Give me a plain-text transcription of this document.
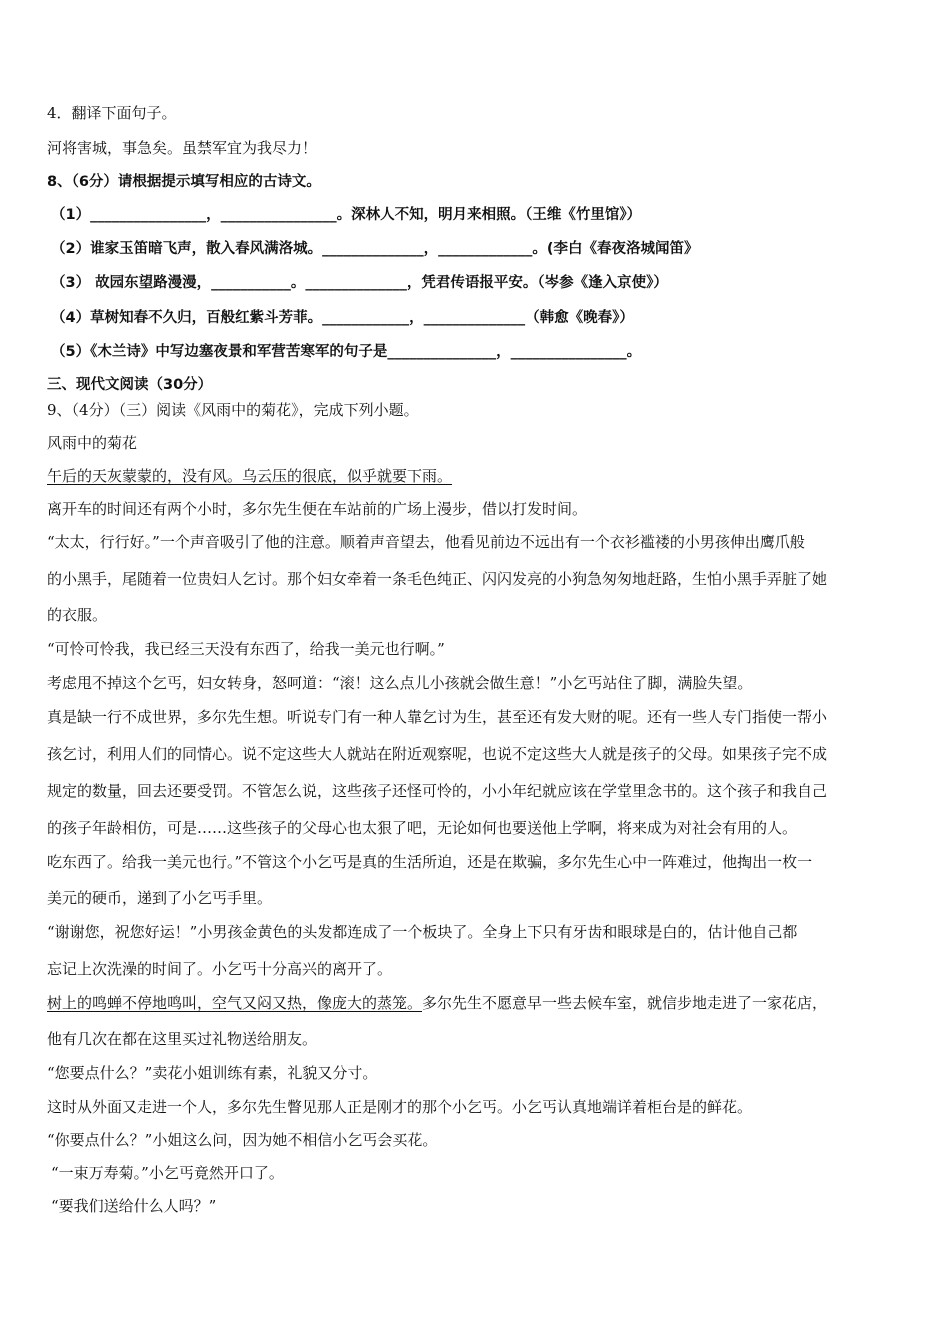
4．翻译下面句子。
河将害城，事急矣。虽禁军宜为我尽力！
8、（6分）请根据提示填写相应的古诗文。
（1）________________，________________。深林人不知，明月来相照。（王维《竹里馆》）
（2）谁家玉笛暗飞声，散入春风满洛城。______________，_____________。(李白《春夜洛城闻笛》
（3） 故园东望路漫漫，___________。______________，凭君传语报平安。（岑参《逢入京使》）
（4）草树知春不久归，百般红紫斗芳菲。____________，______________（韩愈《晚春》）
（5）《木兰诗》中写边塞夜景和军营苦寒军的句子是_______________，________________。
三、现代文阅读（30分）
9、（4分）（三）阅读《风雨中的菊花》，完成下列小题。
风雨中的菊花
午后的天灰蒙蒙的，没有风。乌云压的很底，似乎就要下雨。
离开车的时间还有两个小时，多尔先生便在车站前的广场上漫步，借以打发时间。
“太太，行行好。”一个声音吸引了他的注意。顺着声音望去，他看见前边不远出有一个衣衫褴褛的小男孩伸出鹰爪般
的小黑手，尾随着一位贵妇人乞讨。那个妇女牵着一条毛色纯正、闪闪发亮的小狗急匆匆地赶路，生怕小黑手弄脏了她
的衣服。
“可怜可怜我，我已经三天没有东西了，给我一美元也行啊。”
考虑甩不掉这个乞丐，妇女转身，怒呵道：“滚！这么点儿小孩就会做生意！”小乞丐站住了脚，满脸失望。
真是缺一行不成世界，多尔先生想。听说专门有一种人靠乞讨为生，甚至还有发大财的呢。还有一些人专门指使一帮小
孩乞讨，利用人们的同情心。说不定这些大人就站在附近观察呢，也说不定这些大人就是孩子的父母。如果孩子完不成
规定的数量，回去还要受罚。不管怎么说，这些孩子还怪可怜的，小小年纪就应该在学堂里念书的。这个孩子和我自己
的孩子年龄相仿，可是……这些孩子的父母心也太狠了吧，无论如何也要送他上学啊，将来成为对社会有用的人。
吃东西了。给我一美元也行。”不管这个小乞丐是真的生活所迫，还是在欺骗，多尔先生心中一阵难过，他掏出一枚一
美元的硬币，递到了小乞丐手里。
“谢谢您，祝您好运！”小男孩金黄色的头发都连成了一个板块了。全身上下只有牙齿和眼球是白的，估计他自己都
忘记上次洗澡的时间了。小乞丐十分高兴的离开了。
树上的鸣蝉不停地鸣叫，空气又闷又热，像庞大的蒸笼。多尔先生不愿意早一些去候车室，就信步地走进了一家花店，
他有几次在都在这里买过礼物送给朋友。
“您要点什么？”卖花小姐训练有素，礼貌又分寸。
这时从外面又走进一个人，多尔先生瞥见那人正是刚才的那个小乞丐。小乞丐认真地端详着柜台是的鲜花。
“你要点什么？”小姐这么问，因为她不相信小乞丐会买花。
“一束万寿菊。”小乞丐竟然开口了。
“要我们送给什么人吗？”
